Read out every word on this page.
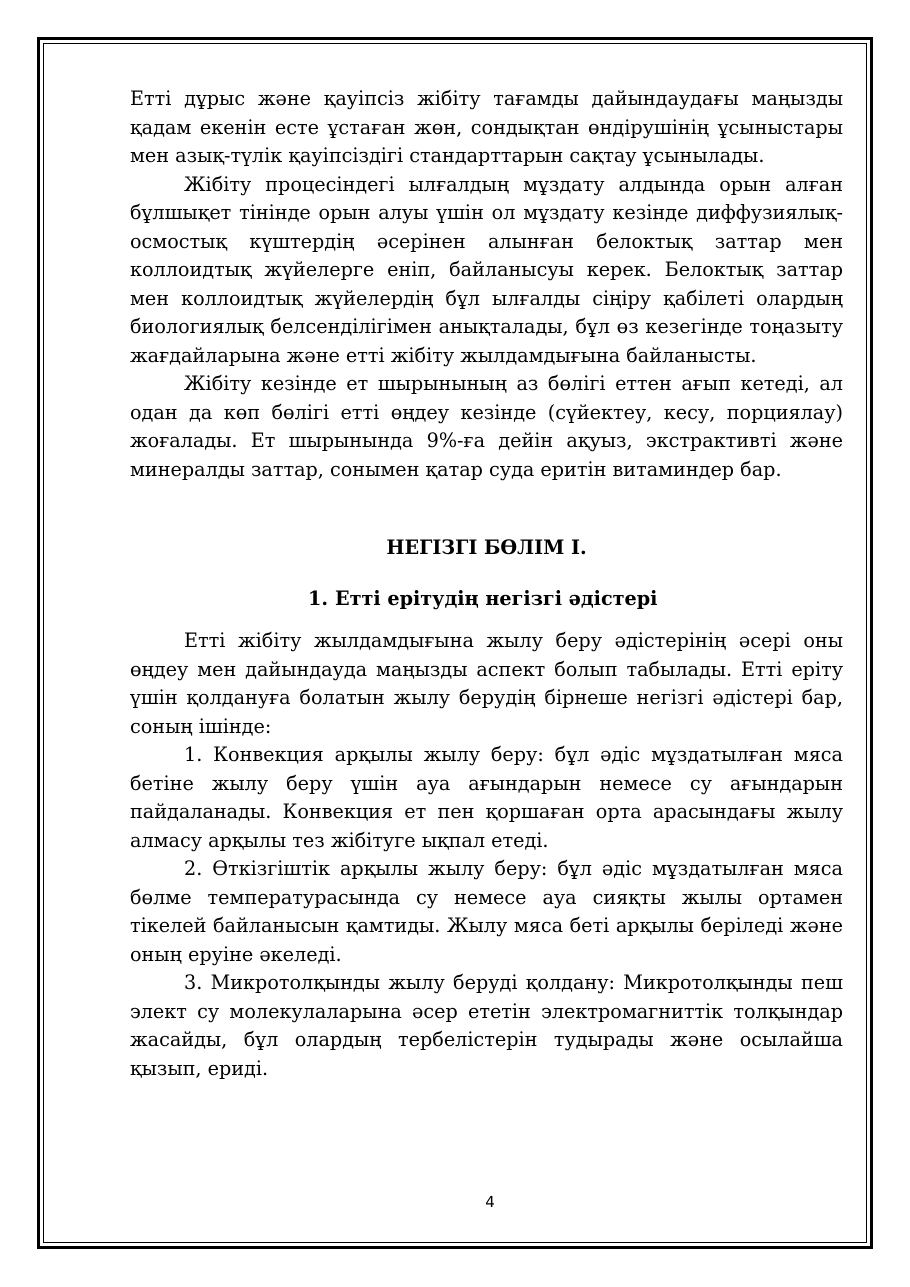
Етті дұрыс және қауіпсіз жібіту тағамды дайындаудағы маңызды қадам екенін есте ұстаған жөн, сондықтан өндірушінің ұсыныстары мен азық-түлік қауіпсіздігі стандарттарын сақтау ұсынылады.

Жібіту процесіндегі ылғалдың мұздату алдында орын алған бұлшықет тінінде орын алуы үшін ол мұздату кезінде диффузиялық-осмостық күштердің әсерінен алынған белоктық заттар мен коллоидтық жүйелерге еніп, байланысуы керек. Белоктық заттар мен коллоидтық жүйелердің бұл ылғалды сіңіру қабілеті олардың биологиялық белсенділігімен анықталады, бұл өз кезегінде тоңазыту жағдайларына және етті жібіту жылдамдығына байланысты.

Жібіту кезінде ет шырынының аз бөлігі еттен ағып кетеді, ал одан да көп бөлігі етті өңдеу кезінде (сүйектеу, кесу, порциялау) жоғалады. Ет шырынында 9%-ға дейін ақуыз, экстрактивті және минералды заттар, сонымен қатар суда еритін витаминдер бар.

НЕГІЗГІ БӨЛІМ І.

1. Етті ерітудің негізгі әдістері

Етті жібіту жылдамдығына жылу беру әдістерінің әсері оны өңдеу мен дайындауда маңызды аспект болып табылады. Етті еріту үшін қолдануға болатын жылу берудің бірнеше негізгі әдістері бар, соның ішінде:

1. Конвекция арқылы жылу беру: бұл әдіс мұздатылған мяса бетіне жылу беру үшін ауа ағындарын немесе су ағындарын пайдаланады. Конвекция ет пен қоршаған орта арасындағы жылу алмасу арқылы тез жібітуге ықпал етеді.

2. Өткізгіштік арқылы жылу беру: бұл әдіс мұздатылған мяса бөлме температурасында су немесе ауа сияқты жылы ортамен тікелей байланысын қамтиды. Жылу мяса беті арқылы беріледі және оның еруіне әкеледі.

3. Микротолқынды жылу беруді қолдану: Микротолқынды пеш элект су молекулаларына әсер ететін электромагниттік толқындар жасайды, бұл олардың тербелістерін тудырады және осылайша қызып, ериді.

4
